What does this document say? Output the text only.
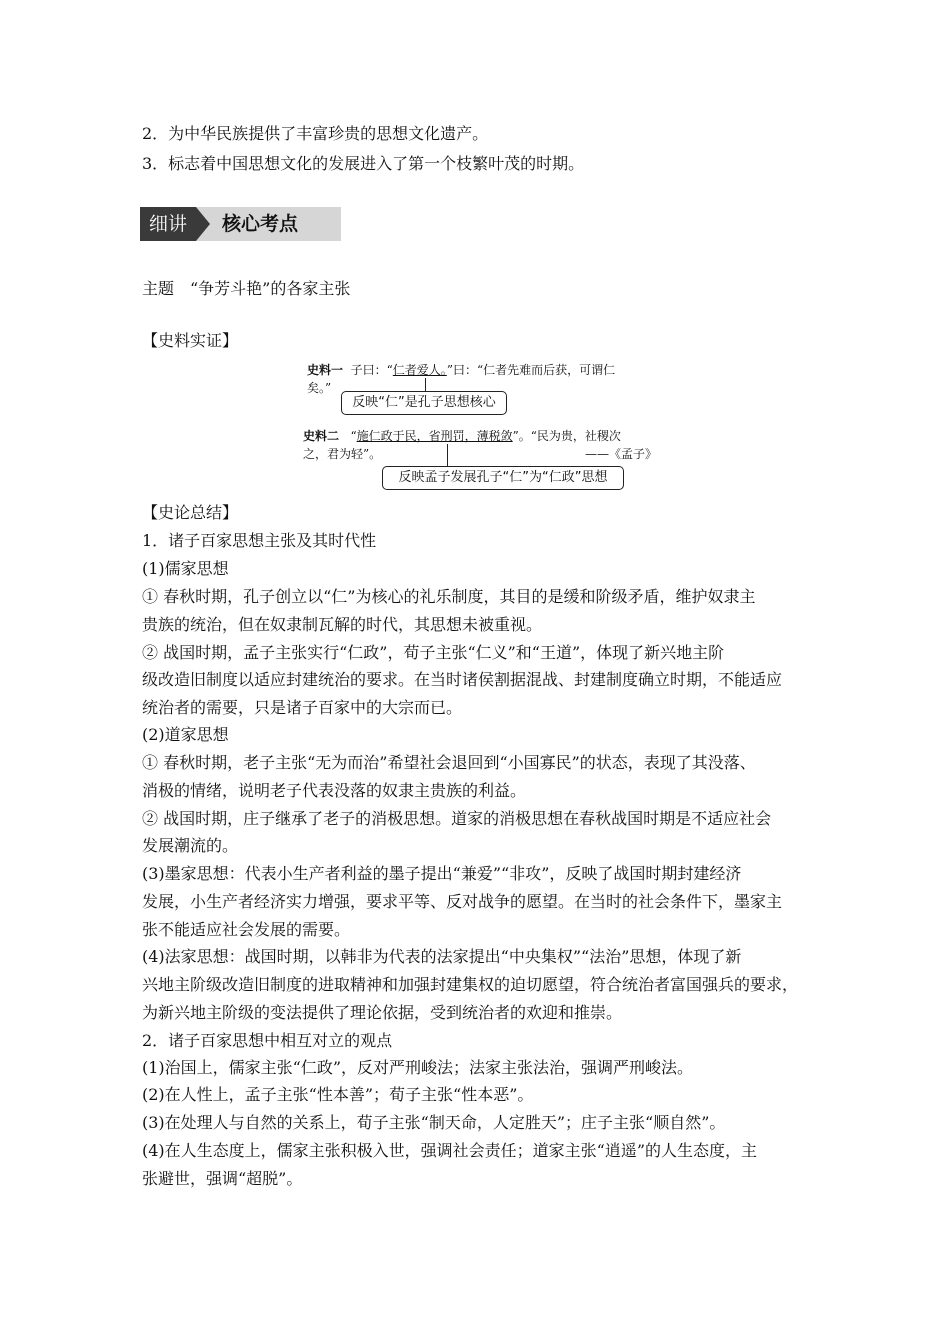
2．为中华民族提供了丰富珍贵的思想文化遗产。
3．标志着中国思想文化的发展进入了第一个枝繁叶茂的时期。
细讲	核心考点
主题　“争芳斗艳”的各家主张
【史料实证】
史料一 子曰：“仁者爱人。”曰：“仁者先难而后获，可谓仁
矣。”
反映“仁”是孔子思想核心
史料二 “施仁政于民，省刑罚，薄税敛”。“民为贵，社稷次
之，君为轻”。	——《孟子》
反映孟子发展孔子“仁”为“仁政”思想
【史论总结】
1．诸子百家思想主张及其时代性
(1)儒家思想
① 春秋时期，孔子创立以“仁”为核心的礼乐制度，其目的是缓和阶级矛盾，维护奴隶主
贵族的统治，但在奴隶制瓦解的时代，其思想未被重视。
② 战国时期，孟子主张实行“仁政”，荀子主张“仁义”和“王道”，体现了新兴地主阶
级改造旧制度以适应封建统治的要求。在当时诸侯割据混战、封建制度确立时期，不能适应
统治者的需要，只是诸子百家中的大宗而已。
(2)道家思想
① 春秋时期，老子主张“无为而治”希望社会退回到“小国寡民”的状态，表现了其没落、
消极的情绪，说明老子代表没落的奴隶主贵族的利益。
② 战国时期，庄子继承了老子的消极思想。道家的消极思想在春秋战国时期是不适应社会
发展潮流的。
(3)墨家思想：代表小生产者利益的墨子提出“兼爱”“非攻”，反映了战国时期封建经济
发展，小生产者经济实力增强，要求平等、反对战争的愿望。在当时的社会条件下，墨家主
张不能适应社会发展的需要。
(4)法家思想：战国时期，以韩非为代表的法家提出“中央集权”“法治”思想，体现了新
兴地主阶级改造旧制度的进取精神和加强封建集权的迫切愿望，符合统治者富国强兵的要求，
为新兴地主阶级的变法提供了理论依据，受到统治者的欢迎和推崇。
2．诸子百家思想中相互对立的观点
(1)治国上，儒家主张“仁政”，反对严刑峻法；法家主张法治，强调严刑峻法。
(2)在人性上，孟子主张“性本善”；荀子主张“性本恶”。
(3)在处理人与自然的关系上，荀子主张“制天命，人定胜天”；庄子主张“顺自然”。
(4)在人生态度上，儒家主张积极入世，强调社会责任；道家主张“逍遥”的人生态度，主
张避世，强调“超脱”。
